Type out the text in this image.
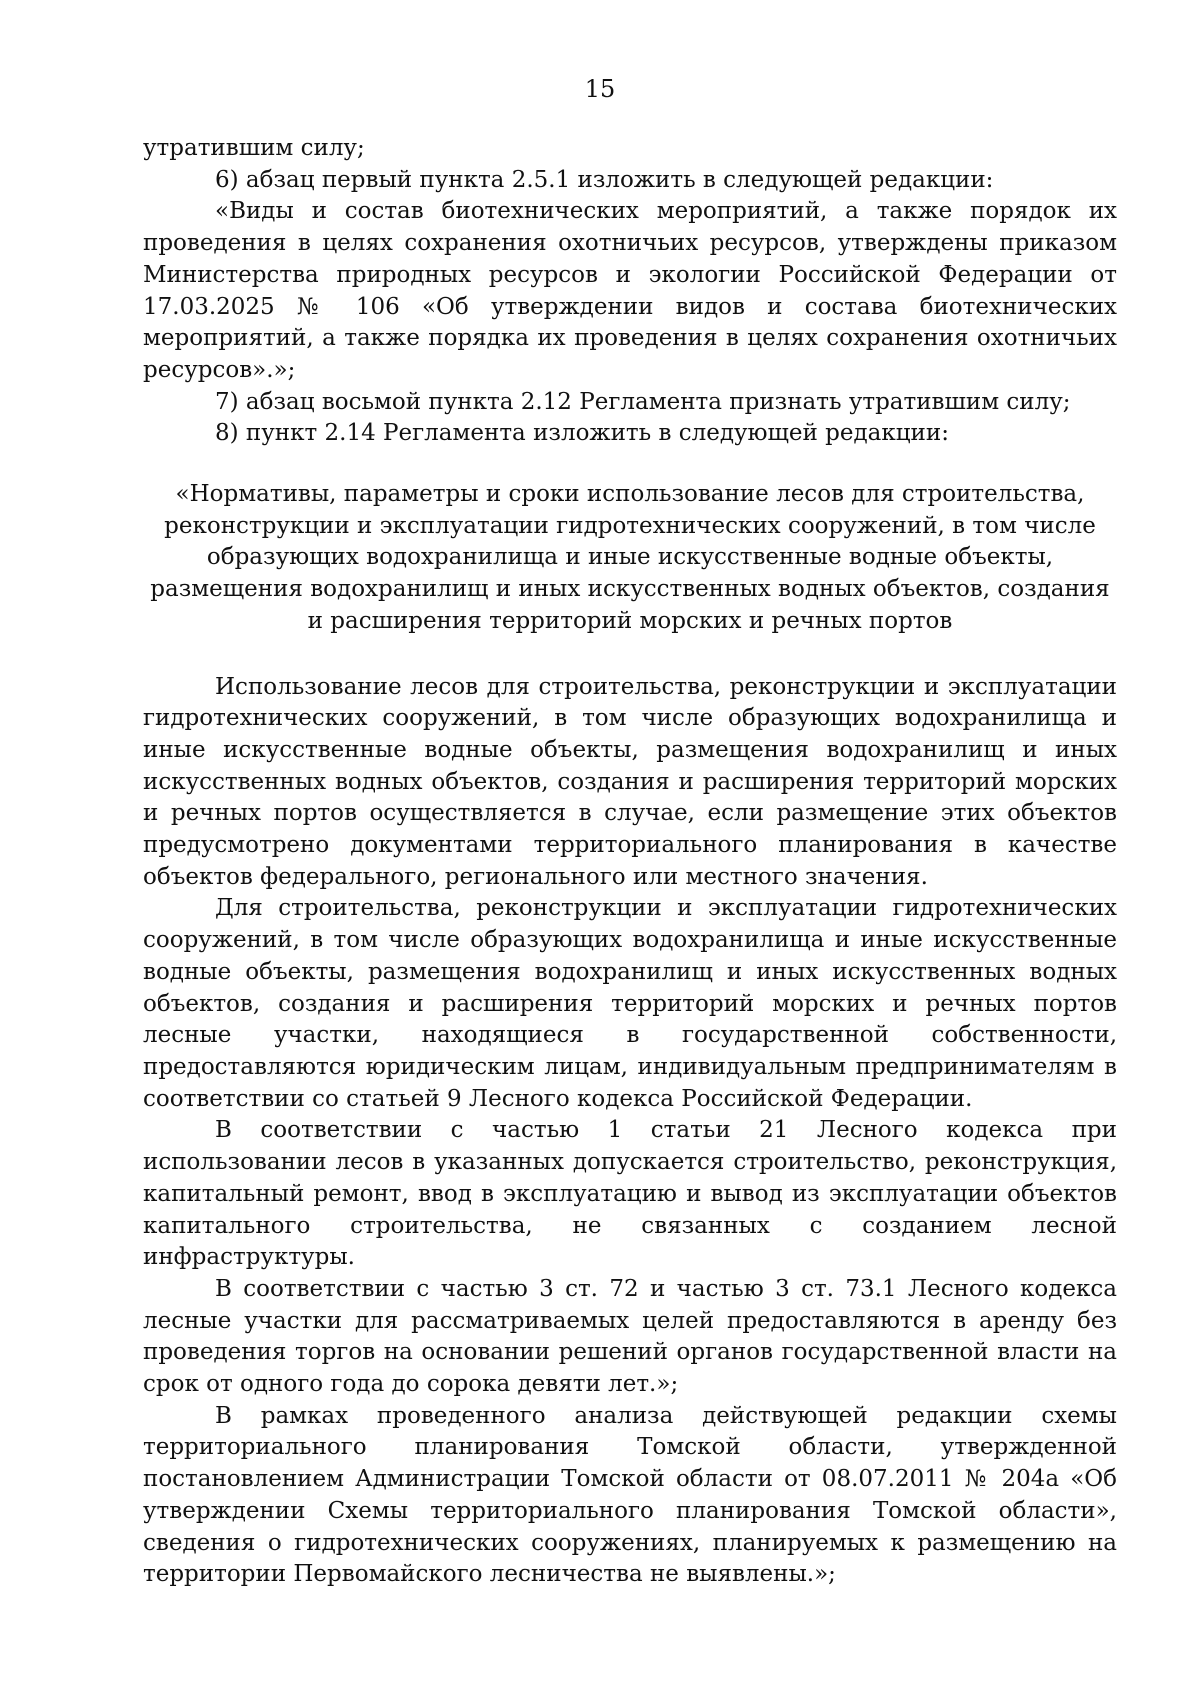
15

утратившим силу;

6) абзац первый пункта 2.5.1 изложить в следующей редакции:

«Виды и состав биотехнических мероприятий, а также порядок их проведения в целях сохранения охотничьих ресурсов, утверждены приказом Министерства природных ресурсов и экологии Российской Федерации от 17.03.2025 № 106 «Об утверждении видов и состава биотехнических мероприятий, а также порядка их проведения в целях сохранения охотничьих ресурсов».»;

7) абзац восьмой пункта 2.12 Регламента признать утратившим силу;

8) пункт 2.14 Регламента изложить в следующей редакции:

«Нормативы, параметры и сроки использование лесов для строительства, реконструкции и эксплуатации гидротехнических сооружений, в том числе образующих водохранилища и иные искусственные водные объекты, размещения водохранилищ и иных искусственных водных объектов, создания и расширения территорий морских и речных портов

Использование лесов для строительства, реконструкции и эксплуатации гидротехнических сооружений, в том числе образующих водохранилища и иные искусственные водные объекты, размещения водохранилищ и иных искусственных водных объектов, создания и расширения территорий морских и речных портов осуществляется в случае, если размещение этих объектов предусмотрено документами территориального планирования в качестве объектов федерального, регионального или местного значения.

Для строительства, реконструкции и эксплуатации гидротехнических сооружений, в том числе образующих водохранилища и иные искусственные водные объекты, размещения водохранилищ и иных искусственных водных объектов, создания и расширения территорий морских и речных портов лесные участки, находящиеся в государственной собственности, предоставляются юридическим лицам, индивидуальным предпринимателям в соответствии со статьей 9 Лесного кодекса Российской Федерации.

В соответствии с частью 1 статьи 21 Лесного кодекса при использовании лесов в указанных допускается строительство, реконструкция, капитальный ремонт, ввод в эксплуатацию и вывод из эксплуатации объектов капитального строительства, не связанных с созданием лесной инфраструктуры.

В соответствии с частью 3 ст. 72 и частью 3 ст. 73.1 Лесного кодекса лесные участки для рассматриваемых целей предоставляются в аренду без проведения торгов на основании решений органов государственной власти на срок от одного года до сорока девяти лет.»;

В рамках проведенного анализа действующей редакции схемы территориального планирования Томской области, утвержденной постановлением Администрации Томской области от 08.07.2011 № 204а «Об утверждении Схемы территориального планирования Томской области», сведения о гидротехнических сооружениях, планируемых к размещению на территории Первомайского лесничества не выявлены.»;
